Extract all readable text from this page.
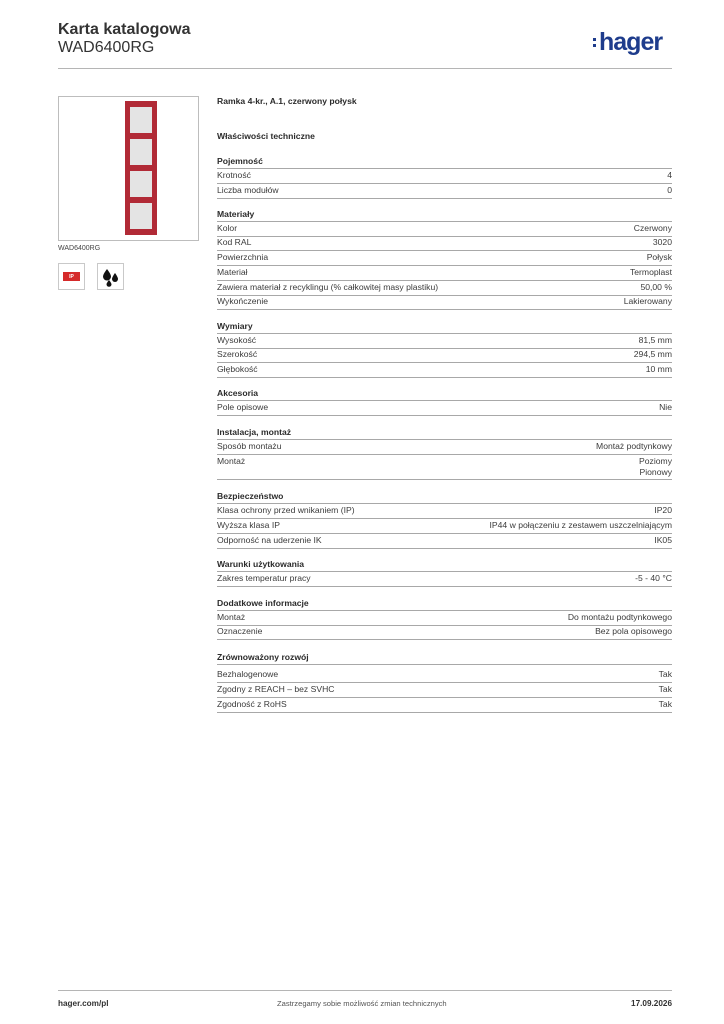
Karta katalogowa
WAD6400RG	hager
WAD6400RG
IP
Ramka 4-kr., A.1, czerwony połysk
Właściwości techniczne
Pojemność
Krotność	4
Liczba modułów	0
Materiały
Kolor	Czerwony
Kod RAL	3020
Powierzchnia	Połysk
Materiał	Termoplast
Zawiera materiał z recyklingu (% całkowitej masy plastiku)	50,00 %
Wykończenie	Lakierowany
Wymiary
Wysokość	81,5 mm
Szerokość	294,5 mm
Głębokość	10 mm
Akcesoria
Pole opisowe	Nie
Instalacja, montaż
Sposób montażu	Montaż podtynkowy
Montaż	Poziomy
Pionowy
Bezpieczeństwo
Klasa ochrony przed wnikaniem (IP)	IP20
Wyższa klasa IP	IP44 w połączeniu z zestawem uszczelniającym
Odporność na uderzenie IK	IK05
Warunki użytkowania
Zakres temperatur pracy	-5 - 40 °C
Dodatkowe informacje
Montaż	Do montażu podtynkowego
Oznaczenie	Bez pola opisowego
Zrównoważony rozwój
Bezhalogenowe	Tak
Zgodny z REACH – bez SVHC	Tak
Zgodność z RoHS	Tak
hager.com/pl	Zastrzegamy sobie możliwość zmian technicznych	17.09.2026
